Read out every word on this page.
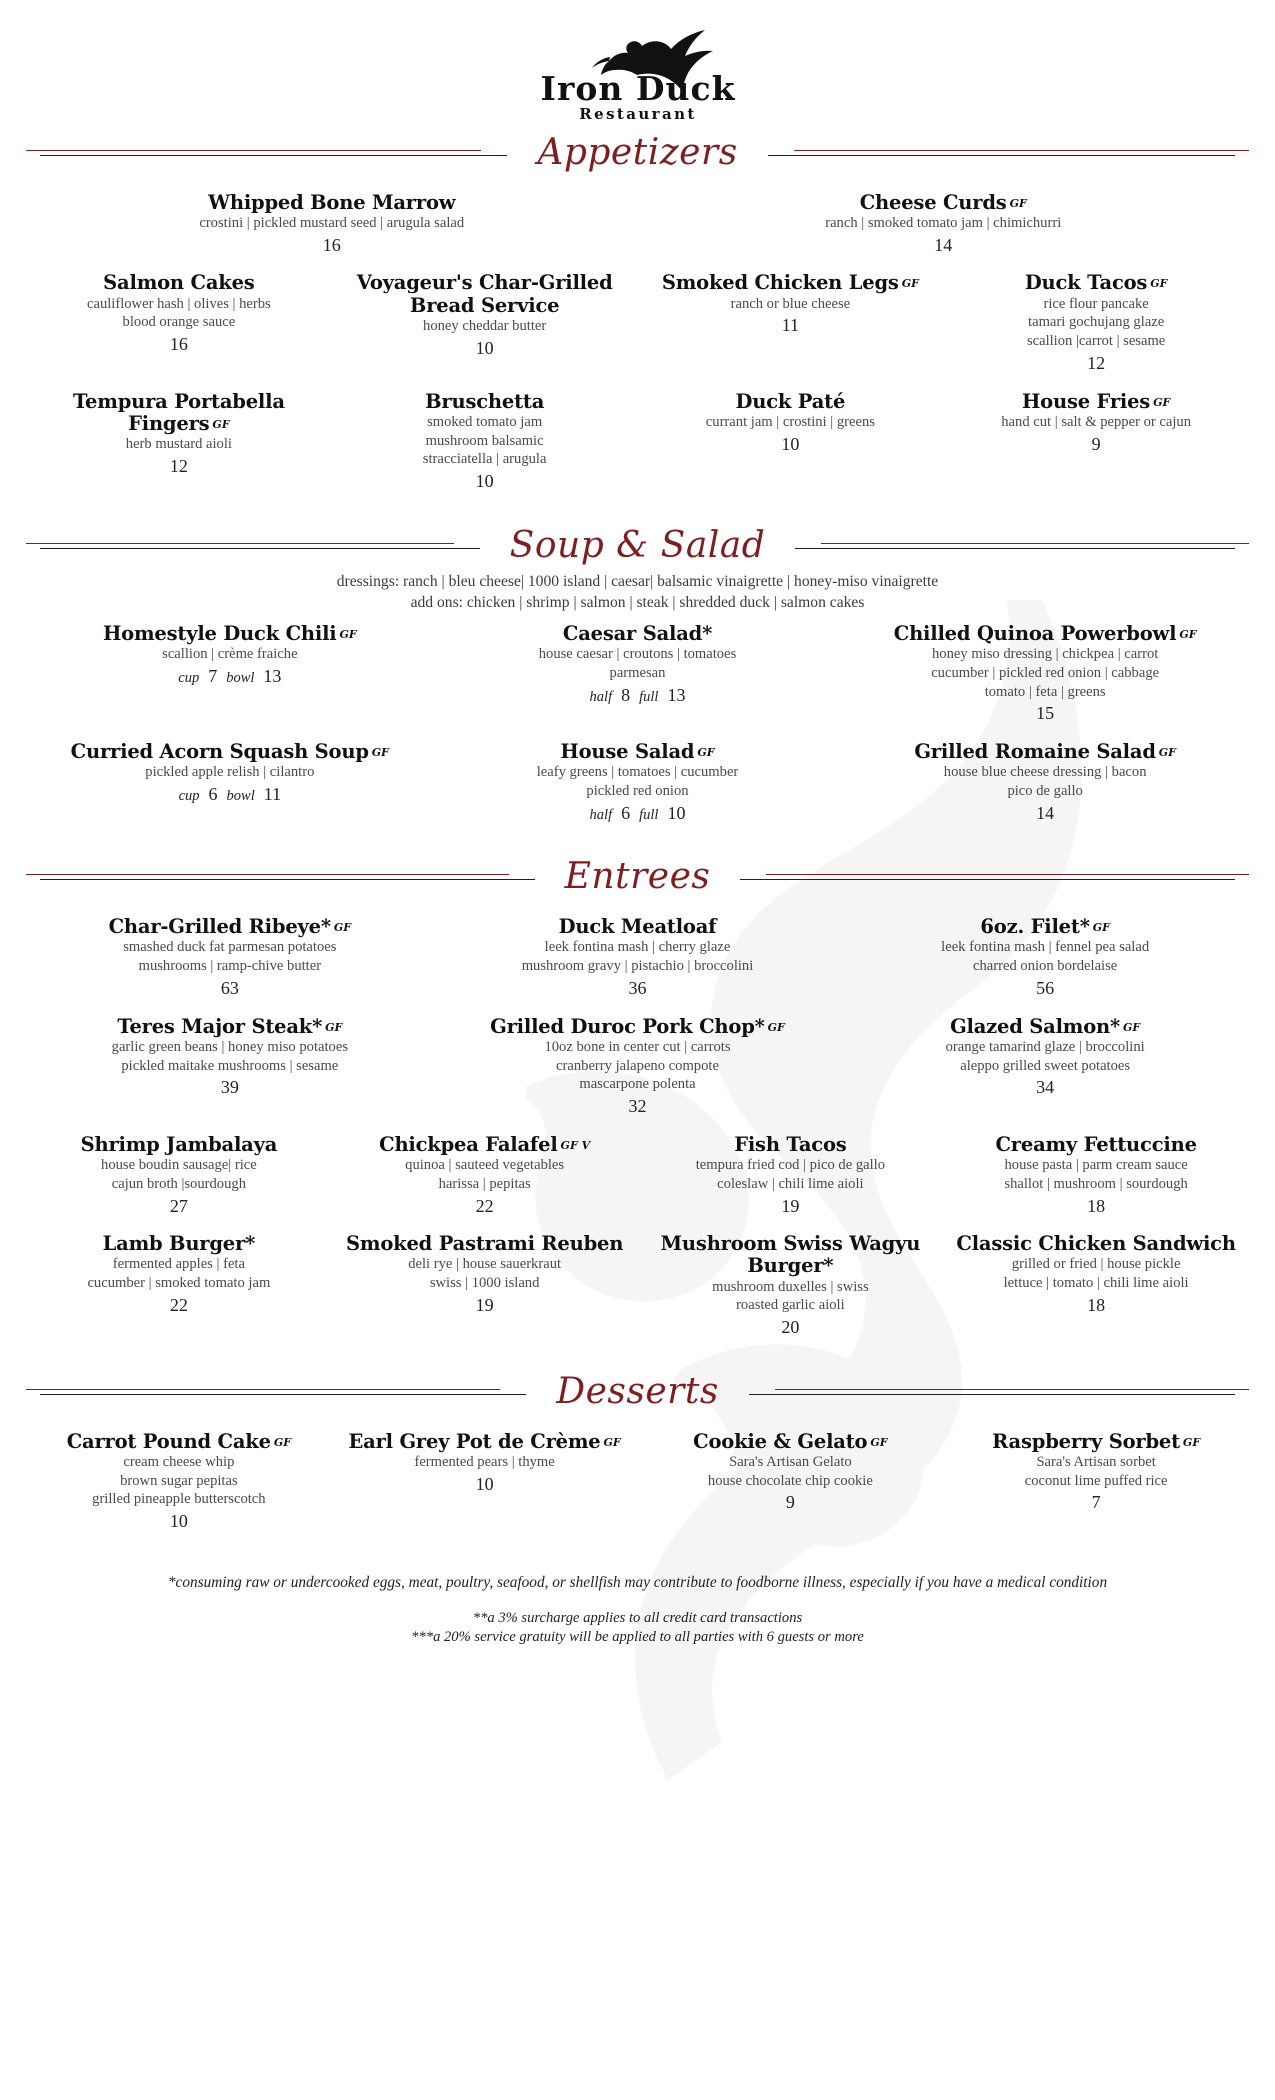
Iron Duck
Restaurant
Appetizers
Whipped Bone Marrow
crostini | pickled mustard seed | arugula salad
16
Cheese Curds GF
ranch | smoked tomato jam | chimichurri
14
Salmon Cakes
cauliflower hash | olives | herbs
blood orange sauce
16
Voyageur's Char-Grilled Bread Service
honey cheddar butter
10
Smoked Chicken Legs GF
ranch or blue cheese
11
Duck Tacos GF
rice flour pancake
tamari gochujang glaze
scallion |carrot | sesame
12
Tempura Portabella Fingers GF
herb mustard aioli
12
Bruschetta
smoked tomato jam
mushroom balsamic
stracciatella | arugula
10
Duck Paté
currant jam | crostini | greens
10
House Fries GF
hand cut | salt & pepper or cajun
9
Soup & Salad
dressings: ranch | bleu cheese| 1000 island | caesar| balsamic vinaigrette | honey-miso vinaigrette
add ons: chicken | shrimp | salmon | steak | shredded duck | salmon cakes
Homestyle Duck Chili GF
scallion | crème fraiche
cup 7 bowl 13
Caesar Salad*
house caesar | croutons | tomatoes
parmesan
half 8 full 13
Chilled Quinoa Powerbowl GF
honey miso dressing | chickpea | carrot
cucumber | pickled red onion | cabbage
tomato | feta | greens
15
Curried Acorn Squash Soup GF
pickled apple relish | cilantro
cup 6 bowl 11
House Salad GF
leafy greens | tomatoes | cucumber
pickled red onion
half 6 full 10
Grilled Romaine Salad GF
house blue cheese dressing | bacon
pico de gallo
14
Entrees
Char-Grilled Ribeye* GF
smashed duck fat parmesan potatoes
mushrooms | ramp-chive butter
63
Duck Meatloaf
leek fontina mash | cherry glaze
mushroom gravy | pistachio | broccolini
36
6oz. Filet* GF
leek fontina mash | fennel pea salad
charred onion bordelaise
56
Teres Major Steak* GF
garlic green beans | honey miso potatoes
pickled maitake mushrooms | sesame
39
Grilled Duroc Pork Chop* GF
10oz bone in center cut | carrots
cranberry jalapeno compote
mascarpone polenta
32
Glazed Salmon* GF
orange tamarind glaze | broccolini
aleppo grilled sweet potatoes
34
Shrimp Jambalaya
house boudin sausage| rice
cajun broth |sourdough
27
Chickpea Falafel GF V
quinoa | sauteed vegetables
harissa | pepitas
22
Fish Tacos
tempura fried cod | pico de gallo
coleslaw | chili lime aioli
19
Creamy Fettuccine
house pasta | parm cream sauce
shallot | mushroom | sourdough
18
Lamb Burger*
fermented apples | feta
cucumber | smoked tomato jam
22
Smoked Pastrami Reuben
deli rye | house sauerkraut
swiss | 1000 island
19
Mushroom Swiss Wagyu Burger*
mushroom duxelles | swiss
roasted garlic aioli
20
Classic Chicken Sandwich
grilled or fried | house pickle
lettuce | tomato | chili lime aioli
18
Desserts
Carrot Pound Cake GF
cream cheese whip
brown sugar pepitas
grilled pineapple butterscotch
10
Earl Grey Pot de Crème GF
fermented pears | thyme
10
Cookie & Gelato GF
Sara's Artisan Gelato
house chocolate chip cookie
9
Raspberry Sorbet GF
Sara's Artisan sorbet
coconut lime puffed rice
7
*consuming raw or undercooked eggs, meat, poultry, seafood, or shellfish may contribute to foodborne illness, especially if you have a medical condition
**a 3% surcharge applies to all credit card transactions
***a 20% service gratuity will be applied to all parties with 6 guests or more
